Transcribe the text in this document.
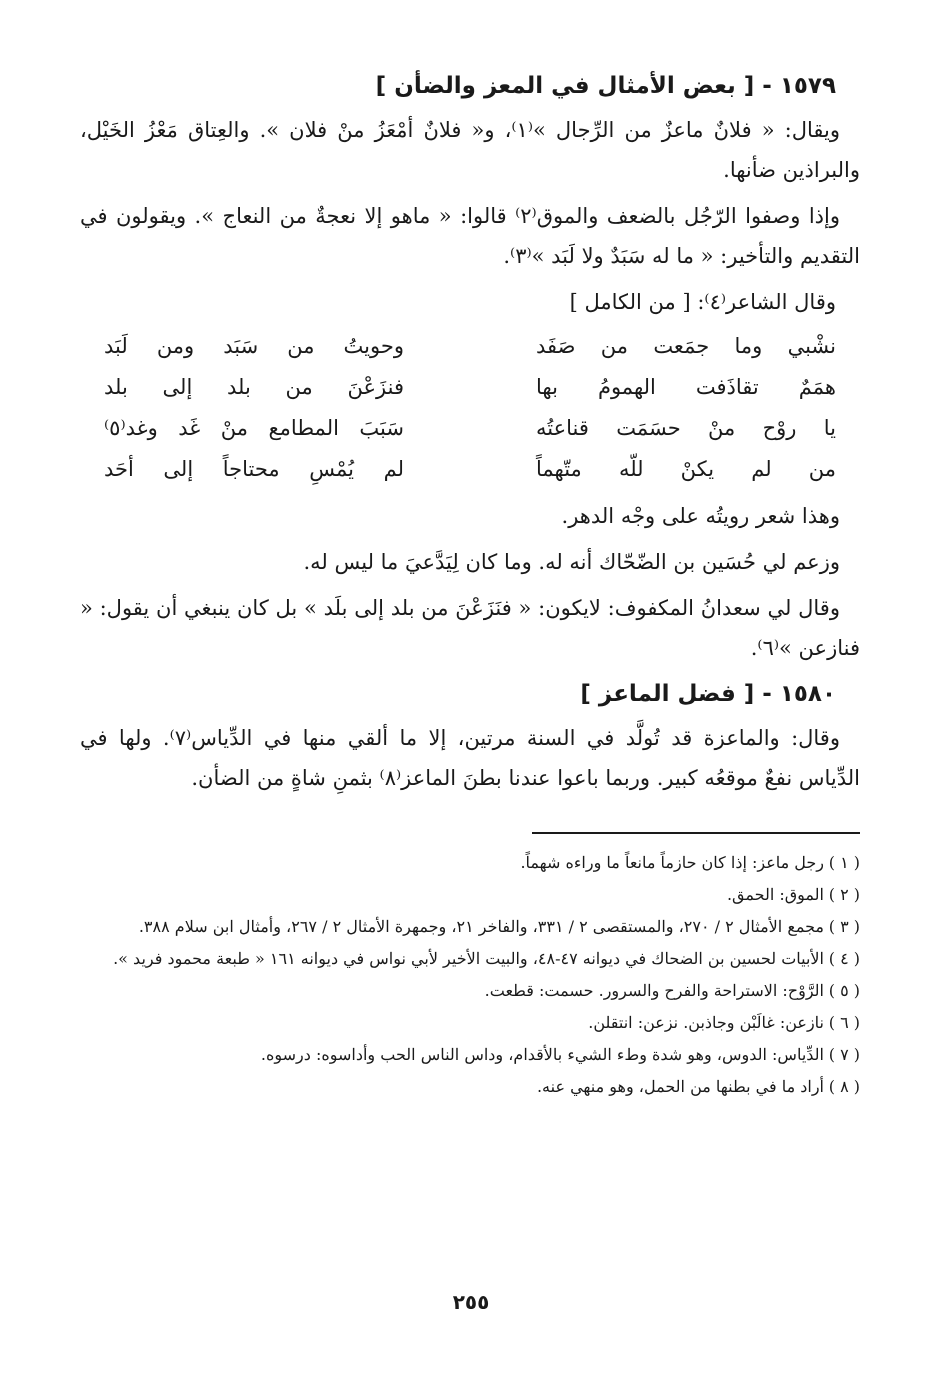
١٥٧٩ - [ بعض الأمثال في المعز والضأن ]
ويقال: « فلانٌ ماعزٌ من الرِّجال »⁽١⁾، و« فلانٌ أمْعَزُ منْ فلان ». والعِتاق مَعْزُ الخَيْل، والبراذين ضأنها.
وإذا وصفوا الرّجُل بالضعف والموق⁽٢⁾ قالوا: « ماهو إلا نعجةٌ من النعاج ». ويقولون في التقديم والتأخير: « ما له سَبَدٌ ولا لَبَد »⁽٣⁾.
وقال الشاعر⁽٤⁾: [ من الكامل ]
نشْبي وما جمَعت من صَفَد
وحويتُ من سَبَد ومن لَبَد
همَمٌ تقاذَفت الهمومُ بها
فنزَعْنَ من بلد إلى بلد
يا روْح منْ حسَمَت قناعتُه
سَبَبَ المطامع منْ غَد وغد⁽٥⁾
من لم يكنْ للّه متّهماً
لم يُمْسِ محتاجاً إلى أحَد
وهذا شعر رويتُه على وجْه الدهر.
وزعم لي حُسَين بن الضّحّاك أنه له. وما كان لِيَدَّعيَ ما ليس له.
وقال لي سعدانُ المكفوف: لايكون: « فنَزَعْنَ من بلد إلى بلَد » بل كان ينبغي أن يقول: « فنازعن »⁽٦⁾.
١٥٨٠ - [ فضل الماعز ]
وقال: والماعزة قد تُولَّد في السنة مرتين، إلا ما ألقي منها في الدِّياس⁽٧⁾. ولها في الدِّياس نفعٌ موقعُه كبير. وربما باعوا عندنا بطنَ الماعز⁽٨⁾ بثمنِ شاةٍ من الضأن.
( ١ )
رجل ماعز: إذا كان حازماً مانعاً ما وراءه شهماً.
( ٢ )
الموق: الحمق.
( ٣ )
مجمع الأمثال ٢ / ٢٧٠، والمستقصى ٢ / ٣٣١، والفاخر ٢١، وجمهرة الأمثال ٢ / ٢٦٧، وأمثال ابن سلام ٣٨٨.
( ٤ )
الأبيات لحسين بن الضحاك في ديوانه ٤٧-٤٨، والبيت الأخير لأبي نواس في ديوانه ١٦١ « طبعة محمود فريد ».
( ٥ )
الرَّوْح: الاستراحة والفرح والسرور. حسمت: قطعت.
( ٦ )
نازعن: غالَبْن وجاذبن. نزعن: انتقلن.
( ٧ )
الدِّياس: الدوس، وهو شدة وطء الشيء بالأقدام، وداس الناس الحب وأداسوه: درسوه.
( ٨ )
أراد ما في بطنها من الحمل، وهو منهي عنه.
٢٥٥
